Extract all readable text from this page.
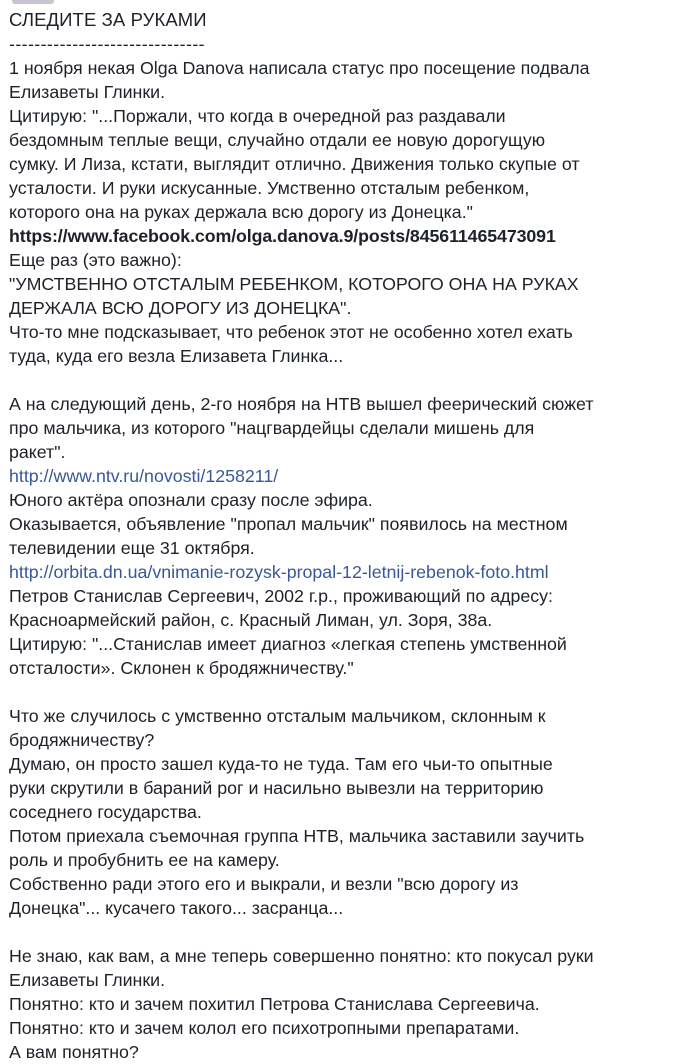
СЛЕДИТЕ ЗА РУКАМИ
-------------------------------
1 ноября некая Olga Danova написала статус про посещение подвала
Елизаветы Глинки.
Цитирую: "...Поржали, что когда в очередной раз раздавали
бездомным теплые вещи, случайно отдали ее новую дорогущую
сумку. И Лиза, кстати, выглядит отлично. Движения только скупые от
усталости. И руки искусанные. Умственно отсталым ребенком,
которого она на руках держала всю дорогу из Донецка."
https://www.facebook.com/olga.danova.9/posts/845611465473091
Еще раз (это важно):
"УМСТВЕННО ОТСТАЛЫМ РЕБЕНКОМ, КОТОРОГО ОНА НА РУКАХ
ДЕРЖАЛА ВСЮ ДОРОГУ ИЗ ДОНЕЦКА".
Что-то мне подсказывает, что ребенок этот не особенно хотел ехать
туда, куда его везла Елизавета Глинка...
А на следующий день, 2-го ноября на НТВ вышел феерический сюжет
про мальчика, из которого "нацгвардейцы сделали мишень для
ракет".
http://www.ntv.ru/novosti/1258211/
Юного актёра опознали сразу после эфира.
Оказывается, объявление "пропал мальчик" появилось на местном
телевидении еще 31 октября.
http://orbita.dn.ua/vnimanie-rozysk-propal-12-letnij-rebenok-foto.html
Петров Станислав Сергеевич, 2002 г.р., проживающий по адресу:
Красноармейский район, с. Красный Лиман, ул. Зоря, 38а.
Цитирую: "...Станислав имеет диагноз «легкая степень умственной
отсталости». Склонен к бродяжничеству."
Что же случилось с умственно отсталым мальчиком, склонным к
бродяжничеству?
Думаю, он просто зашел куда-то не туда. Там его чьи-то опытные
руки скрутили в бараний рог и насильно вывезли на территорию
соседнего государства.
Потом приехала съемочная группа НТВ, мальчика заставили заучить
роль и пробубнить ее на камеру.
Собственно ради этого его и выкрали, и везли "всю дорогу из
Донецка"... кусачего такого... засранца...
Не знаю, как вам, а мне теперь совершенно понятно: кто покусал руки
Елизаветы Глинки.
Понятно: кто и зачем похитил Петрова Станислава Сергеевича.
Понятно: кто и зачем колол его психотропными препаратами.
А вам понятно?
